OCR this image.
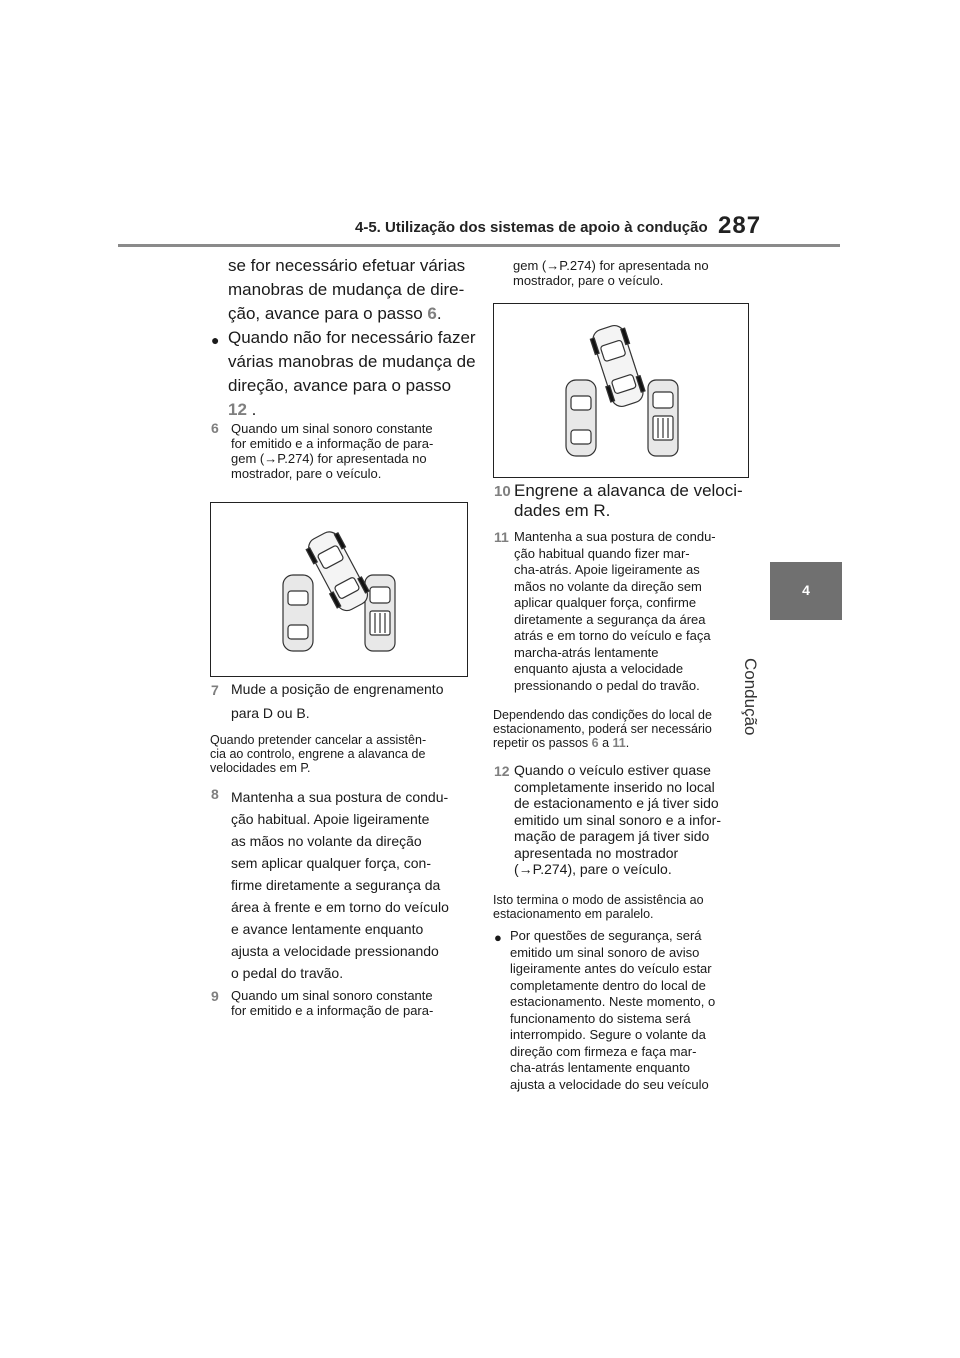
4-5. Utilização dos sistemas de apoio à condução 287
4
Condução
se for necessário efetuar várias
manobras de mudança de dire-
ção, avance para o passo 6.
● Quando não for necessário fazer
várias manobras de mudança de
direção, avance para o passo
12 .
6 Quando um sinal sonoro constante
for emitido e a informação de para-
gem (→P.274) for apresentada no
mostrador, pare o veículo.
7 Mude a posição de engrenamento
para D ou B.
Quando pretender cancelar a assistên-
cia ao controlo, engrene a alavanca de
velocidades em P.
8 Mantenha a sua postura de condu-
ção habitual. Apoie ligeiramente
as mãos no volante da direção
sem aplicar qualquer força, con-
firme diretamente a segurança da
área à frente e em torno do veículo
e avance lentamente enquanto
ajusta a velocidade pressionando
o pedal do travão.
9 Quando um sinal sonoro constante
for emitido e a informação de para-
gem (→P.274) for apresentada no
mostrador, pare o veículo.
10 Engrene a alavanca de veloci-
dades em R.
11 Mantenha a sua postura de condu-
ção habitual quando fizer mar-
cha-atrás. Apoie ligeiramente as
mãos no volante da direção sem
aplicar qualquer força, confirme
diretamente a segurança da área
atrás e em torno do veículo e faça
marcha-atrás lentamente
enquanto ajusta a velocidade
pressionando o pedal do travão.
Dependendo das condições do local de
estacionamento, poderá ser necessário
repetir os passos 6 a 11.
12 Quando o veículo estiver quase
completamente inserido no local
de estacionamento e já tiver sido
emitido um sinal sonoro e a infor-
mação de paragem já tiver sido
apresentada no mostrador
(→P.274), pare o veículo.
Isto termina o modo de assistência ao
estacionamento em paralelo.
● Por questões de segurança, será
emitido um sinal sonoro de aviso
ligeiramente antes do veículo estar
completamente dentro do local de
estacionamento. Neste momento, o
funcionamento do sistema será
interrompido. Segure o volante da
direção com firmeza e faça mar-
cha-atrás lentamente enquanto
ajusta a velocidade do seu veículo
